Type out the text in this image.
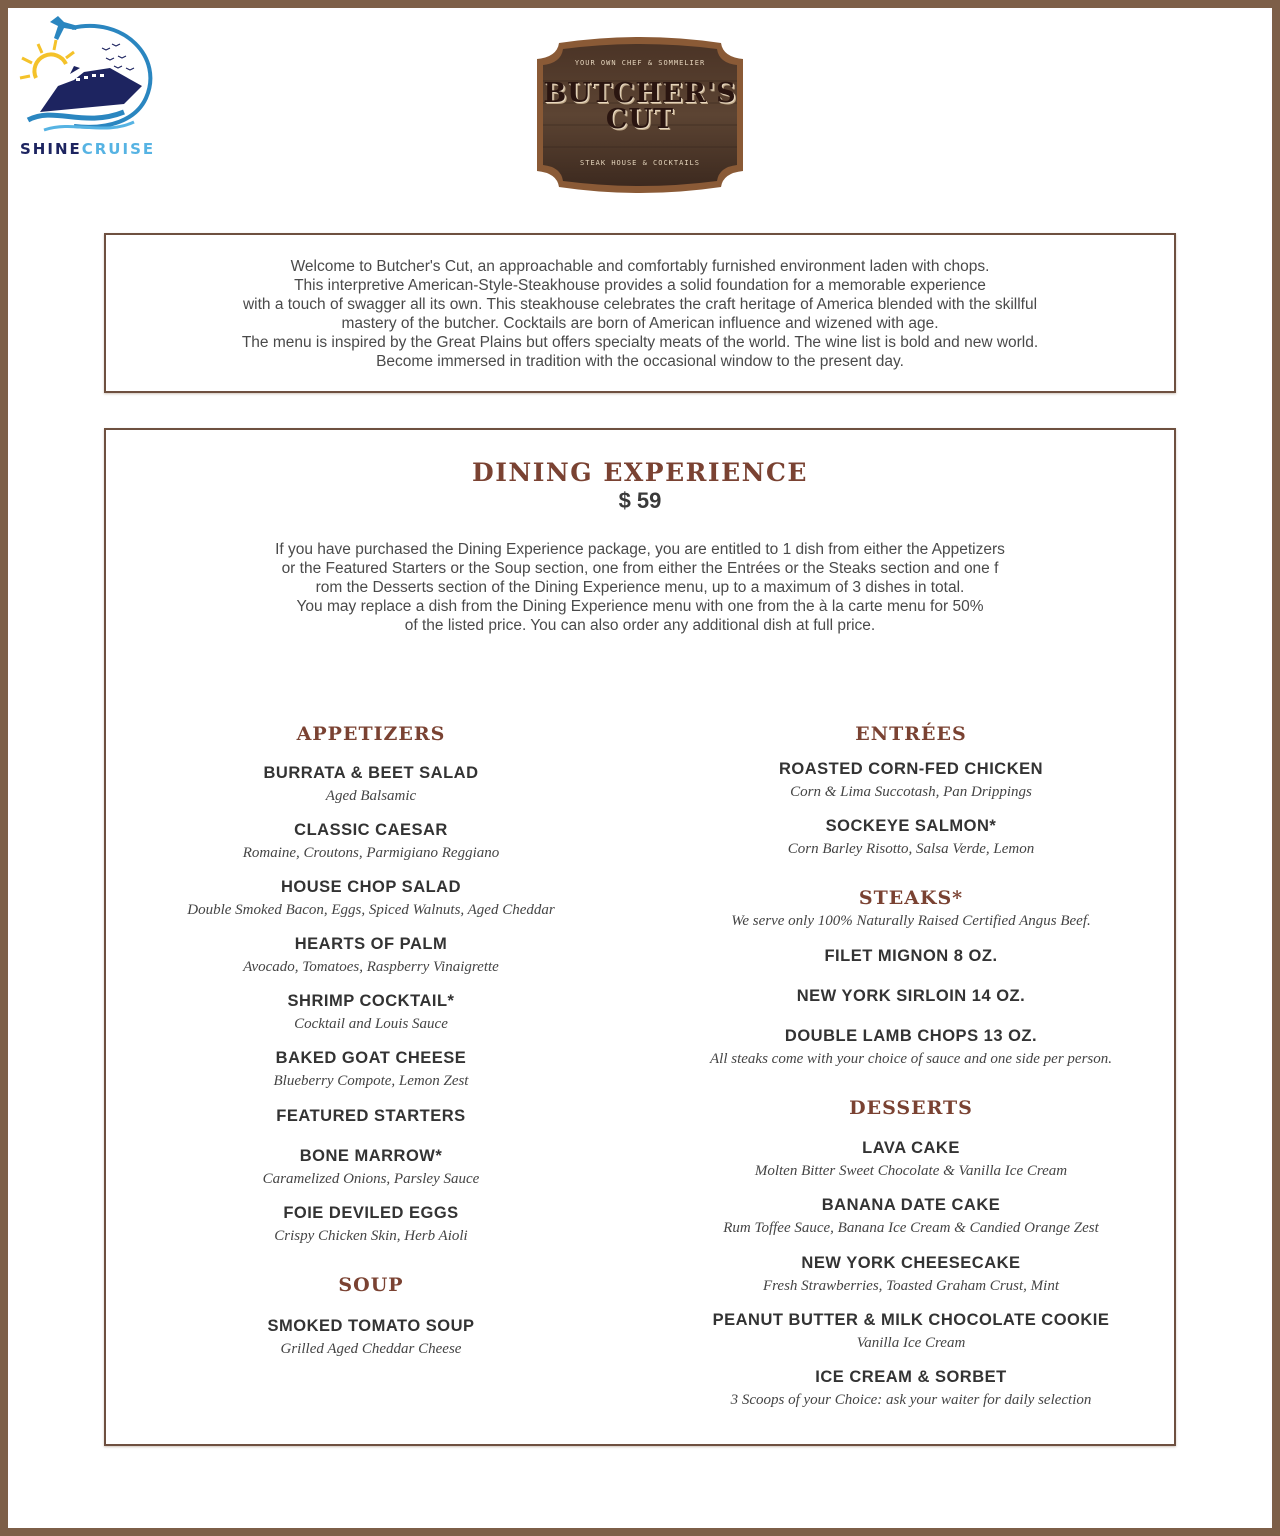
SHINECRUISE
YOUR OWN CHEF & SOMMELIER
BUTCHER'S
CUT
STEAK HOUSE & COCKTAILS
Welcome to Butcher's Cut, an approachable and comfortably furnished environment laden with chops.
This interpretive American-Style-Steakhouse provides a solid foundation for a memorable experience
with a touch of swagger all its own. This steakhouse celebrates the craft heritage of America blended with the skillful
mastery of the butcher. Cocktails are born of American influence and wizened with age.
The menu is inspired by the Great Plains but offers specialty meats of the world. The wine list is bold and new world.
Become immersed in tradition with the occasional window to the present day.
DINING EXPERIENCE
$ 59
If you have purchased the Dining Experience package, you are entitled to 1 dish from either the Appetizers
or the Featured Starters or the Soup section, one from either the Entrées or the Steaks section and one f
rom the Desserts section of the Dining Experience menu, up to a maximum of 3 dishes in total.
You may replace a dish from the Dining Experience menu with one from the à la carte menu for 50%
of the listed price. You can also order any additional dish at full price.
APPETIZERS
BURRATA & BEET SALAD
Aged Balsamic
CLASSIC CAESAR
Romaine, Croutons, Parmigiano Reggiano
HOUSE CHOP SALAD
Double Smoked Bacon, Eggs, Spiced Walnuts, Aged Cheddar
HEARTS OF PALM
Avocado, Tomatoes, Raspberry Vinaigrette
SHRIMP COCKTAIL*
Cocktail and Louis Sauce
BAKED GOAT CHEESE
Blueberry Compote, Lemon Zest
FEATURED STARTERS
BONE MARROW*
Caramelized Onions, Parsley Sauce
FOIE DEVILED EGGS
Crispy Chicken Skin, Herb Aioli
SOUP
SMOKED TOMATO SOUP
Grilled Aged Cheddar Cheese
ENTRÉES
ROASTED CORN-FED CHICKEN
Corn & Lima Succotash, Pan Drippings
SOCKEYE SALMON*
Corn Barley Risotto, Salsa Verde, Lemon
STEAKS*
We serve only 100% Naturally Raised Certified Angus Beef.
FILET MIGNON 8 OZ.
NEW YORK SIRLOIN 14 OZ.
DOUBLE LAMB CHOPS 13 OZ.
All steaks come with your choice of sauce and one side per person.
DESSERTS
LAVA CAKE
Molten Bitter Sweet Chocolate & Vanilla Ice Cream
BANANA DATE CAKE
Rum Toffee Sauce, Banana Ice Cream & Candied Orange Zest
NEW YORK CHEESECAKE
Fresh Strawberries, Toasted Graham Crust, Mint
PEANUT BUTTER & MILK CHOCOLATE COOKIE
Vanilla Ice Cream
ICE CREAM & SORBET
3 Scoops of your Choice: ask your waiter for daily selection
